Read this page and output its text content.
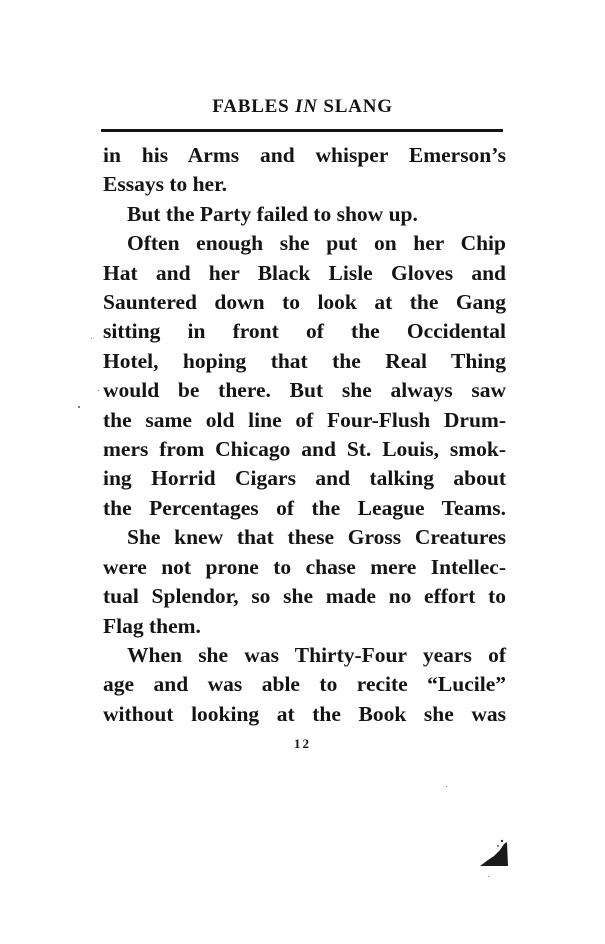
FABLES IN SLANG
in his Arms and whisper Emerson’s
Essays to her.
But the Party failed to show up.
Often enough she put on her Chip
Hat and her Black Lisle Gloves and
Sauntered down to look at the Gang
sitting in front of the Occidental
Hotel, hoping that the Real Thing
would be there. But she always saw
the same old line of Four-Flush Drum-
mers from Chicago and St. Louis, smok-
ing Horrid Cigars and talking about
the Percentages of the League Teams.
She knew that these Gross Creatures
were not prone to chase mere Intellec-
tual Splendor, so she made no effort to
Flag them.
When she was Thirty-Four years of
age and was able to recite “Lucile”
without looking at the Book she was
12
